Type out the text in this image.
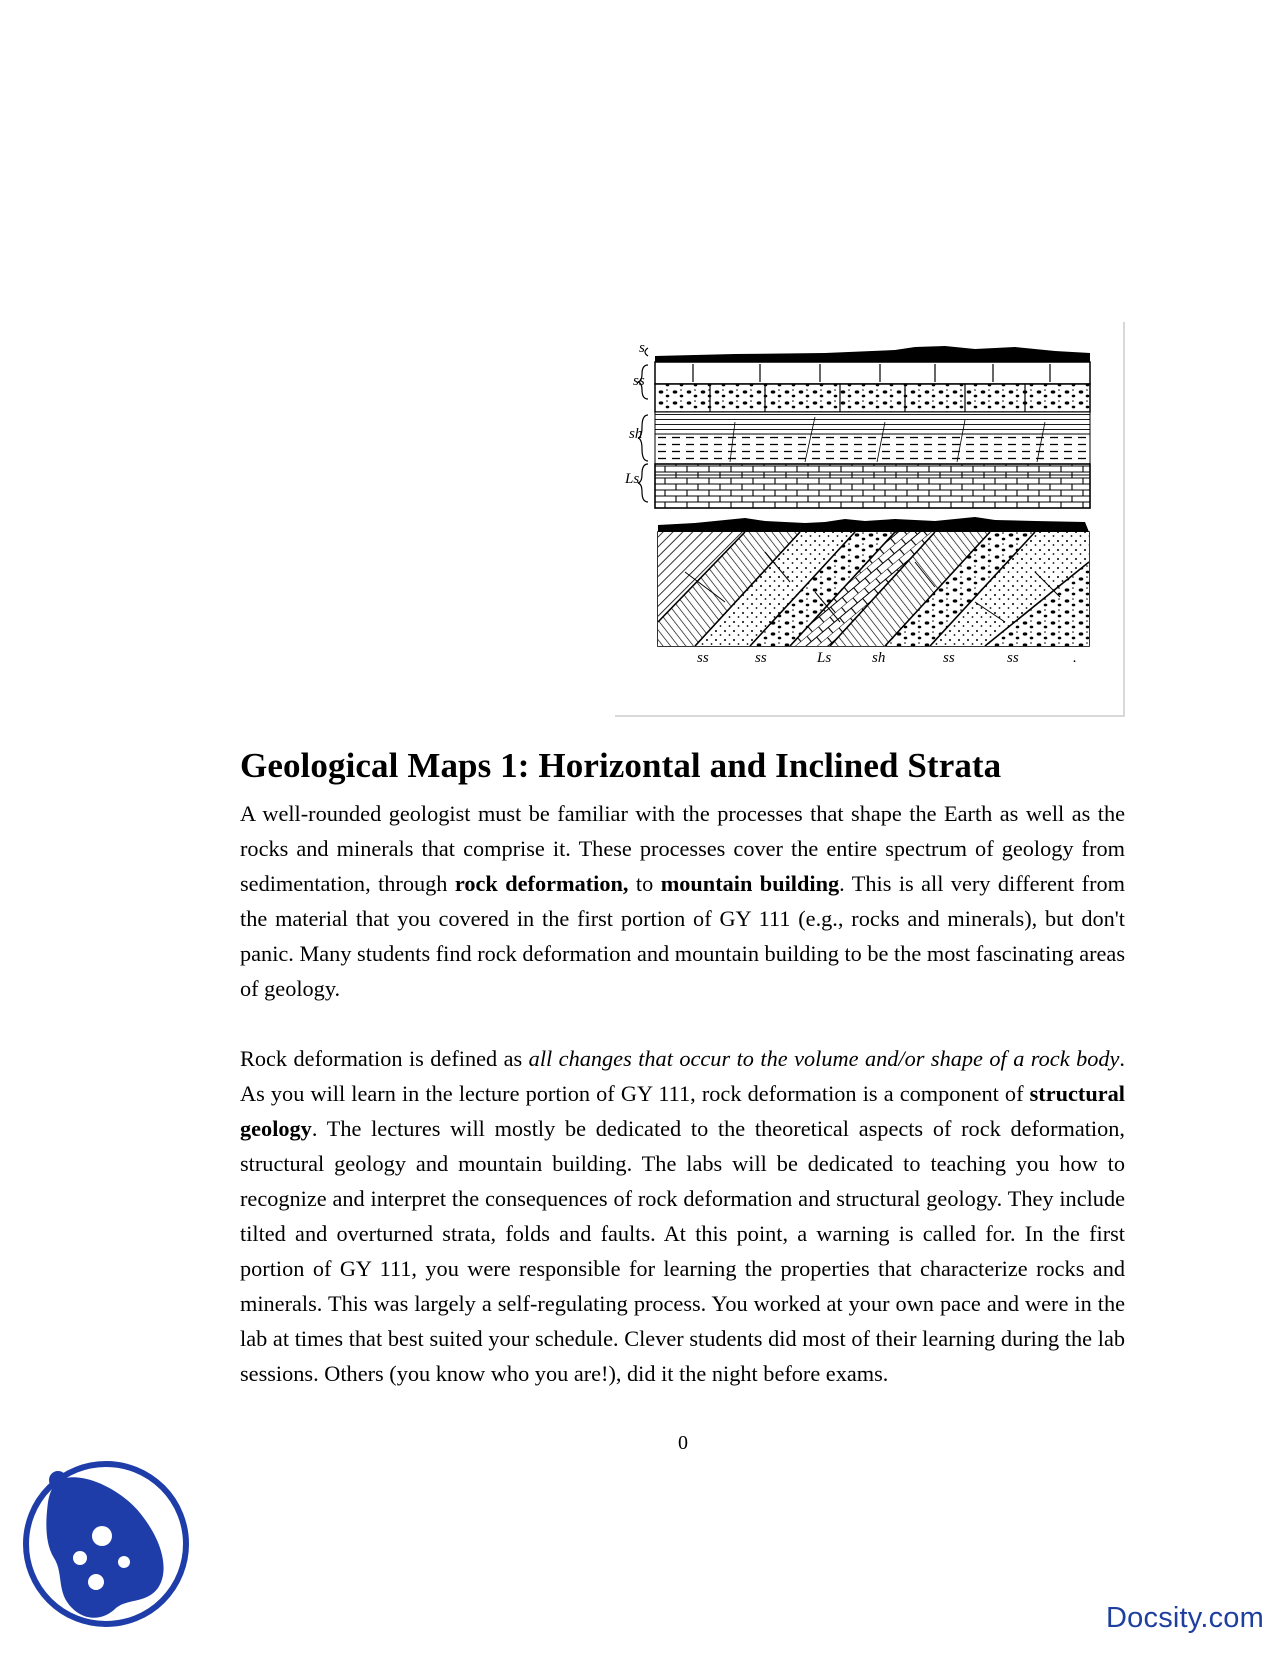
s
ss
sh
Ls
ss	ss	Ls	sh	ss	ss	.
Geological Maps 1: Horizontal and Inclined Strata

A well-rounded geologist must be familiar with the processes that shape the Earth as well as the rocks and minerals that comprise it. These processes cover the entire spectrum of geology from sedimentation, through rock deformation, to mountain building. This is all very different from the material that you covered in the first portion of GY 111 (e.g., rocks and minerals), but don't panic. Many students find rock deformation and mountain building to be the most fascinating areas of geology.

Rock deformation is defined as all changes that occur to the volume and/or shape of a rock body. As you will learn in the lecture portion of GY 111, rock deformation is a component of structural geology. The lectures will mostly be dedicated to the theoretical aspects of rock deformation, structural geology and mountain building. The labs will be dedicated to teaching you how to recognize and interpret the consequences of rock deformation and structural geology. They include tilted and overturned strata, folds and faults. At this point, a warning is called for. In the first portion of GY 111, you were responsible for learning the properties that characterize rocks and minerals. This was largely a self-regulating process. You worked at your own pace and were in the lab at times that best suited your schedule. Clever students did most of their learning during the lab sessions. Others (you know who you are!), did it the night before exams.

0
Docsity.com
